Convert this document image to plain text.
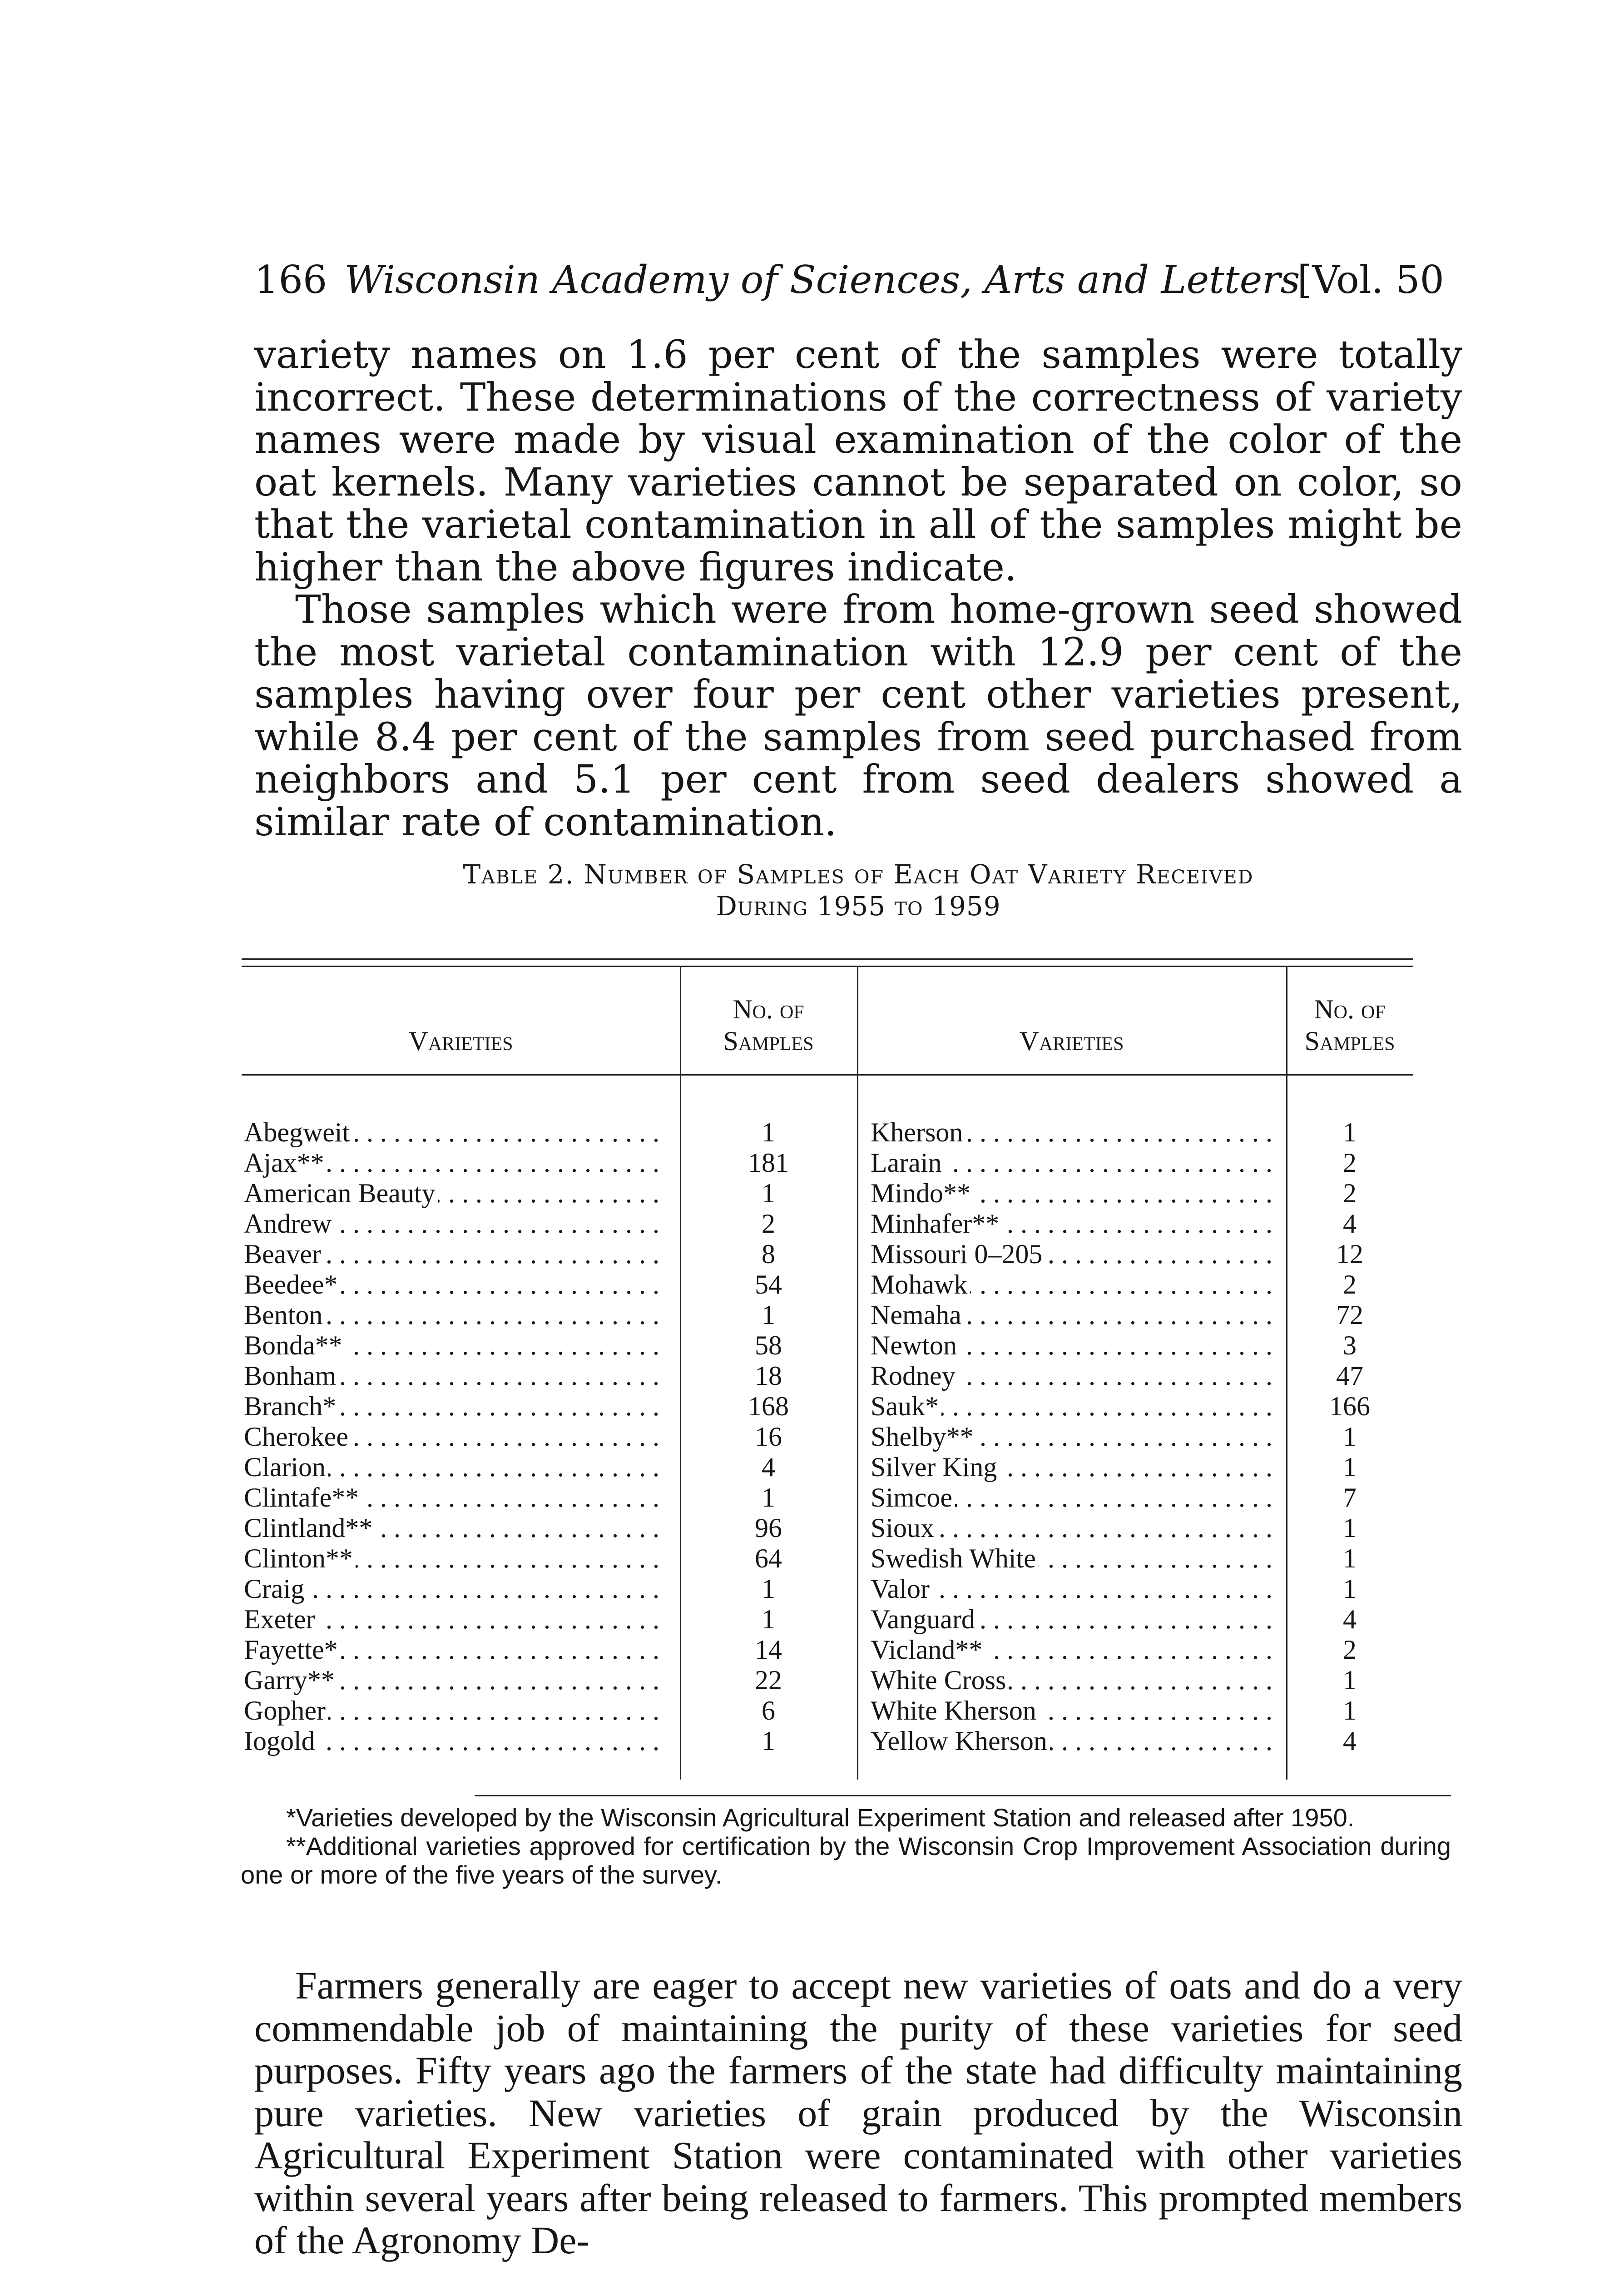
166 Wisconsin Academy of Sciences, Arts and Letters
[Vol. 50

variety names on 1.6 per cent of the samples were totally incorrect. These determinations of the correctness of variety names were made by visual examination of the color of the oat kernels. Many varieties cannot be separated on color, so that the varietal contamination in all of the samples might be higher than the above figures indicate.

Those samples which were from home-grown seed showed the most varietal contamination with 12.9 per cent of the samples having over four per cent other varieties present, while 8.4 per cent of the samples from seed purchased from neighbors and 5.1 per cent from seed dealers showed a similar rate of contamination.

Table 2. Number of Samples of Each Oat Variety Received
During 1955 to 1959
Varieties
No. of
Samples	Varieties
No. of
Samples
Abegweit . . .
Ajax** . . .
American Beauty . . .
Andrew . . .
Beaver . . .
Beedee* . . .
Benton . . .
Bonda** . . .
Bonham . . .
Branch* . . .
Cherokee . . .
Clarion . . .
Clintafe** . . .
Clintland** . . .
Clinton** . . .
Craig . . .
Exeter . . .
Fayette* . . .
Garry** . . .
Gopher . . .
Iogold . . .
1
181
1
2
8
54
1
58
18
168
16
4
1
96
64
1
1
14
22
6
1
Kherson . . .
Larain . . .
Mindo** . . .
Minhafer** . . .
Missouri 0–205 . . .
Mohawk . . .
Nemaha . . .
Newton . . .
Rodney . . .
Sauk* . . .
Shelby** . . .
Silver King . . .
Simcoe . . .
Sioux . . .
Swedish White . . .
Valor . . .
Vanguard . . .
Vicland** . . .
White Cross . . .
White Kherson . . .
Yellow Kherson . . .
1
2
2
4
12
2
72
3
47
166
1
1
7
1
1
1
4
2
1
1
4

*Varieties developed by the Wisconsin Agricultural Experiment Station and released after 1950.

**Additional varieties approved for certification by the Wisconsin Crop Improvement Association during one or more of the five years of the survey.

Farmers generally are eager to accept new varieties of oats and do a very commendable job of maintaining the purity of these varieties for seed purposes. Fifty years ago the farmers of the state had difficulty maintaining pure varieties. New varieties of grain produced by the Wisconsin Agricultural Experiment Station were contaminated with other varieties within several years after being released to farmers. This prompted members of the Agronomy De-
